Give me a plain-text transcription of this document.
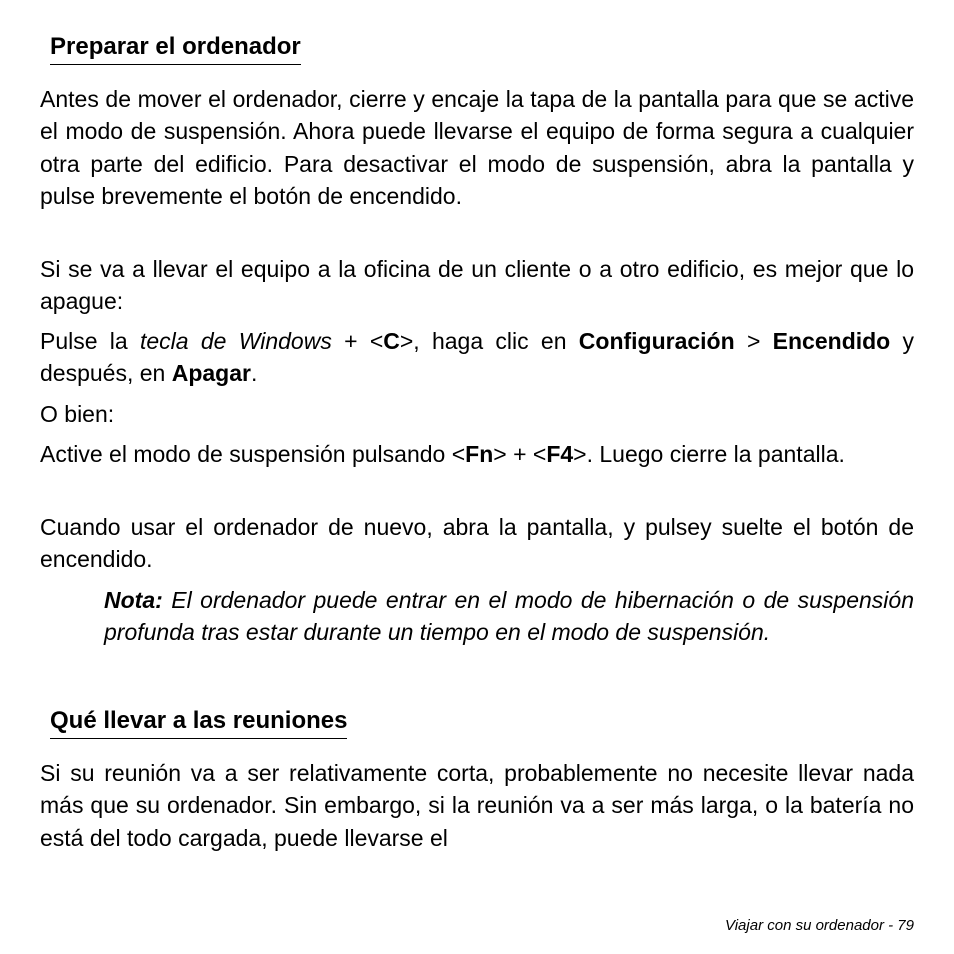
Preparar el ordenador

Antes de mover el ordenador, cierre y encaje la tapa de la pantalla para que se active el modo de suspensión. Ahora puede llevarse el equipo de forma segura a cualquier otra parte del edificio. Para desactivar el modo de suspensión, abra la pantalla y pulse brevemente el botón de encendido.

Si se va a llevar el equipo a la oficina de un cliente o a otro edificio, es mejor que lo apague:

Pulse la tecla de Windows + <C>, haga clic en Configuración > Encendido y después, en Apagar.

O bien:

Active el modo de suspensión pulsando <Fn> + <F4>. Luego cierre la pantalla.

Cuando usar el ordenador de nuevo, abra la pantalla, y pulsey suelte el botón de encendido.

Nota: El ordenador puede entrar en el modo de hibernación o de suspensión profunda tras estar durante un tiempo en el modo de suspensión.

Qué llevar a las reuniones

Si su reunión va a ser relativamente corta, probablemente no necesite llevar nada más que su ordenador. Sin embargo, si la reunión va a ser más larga, o la batería no está del todo cargada, puede llevarse el

Viajar con su ordenador - 79
